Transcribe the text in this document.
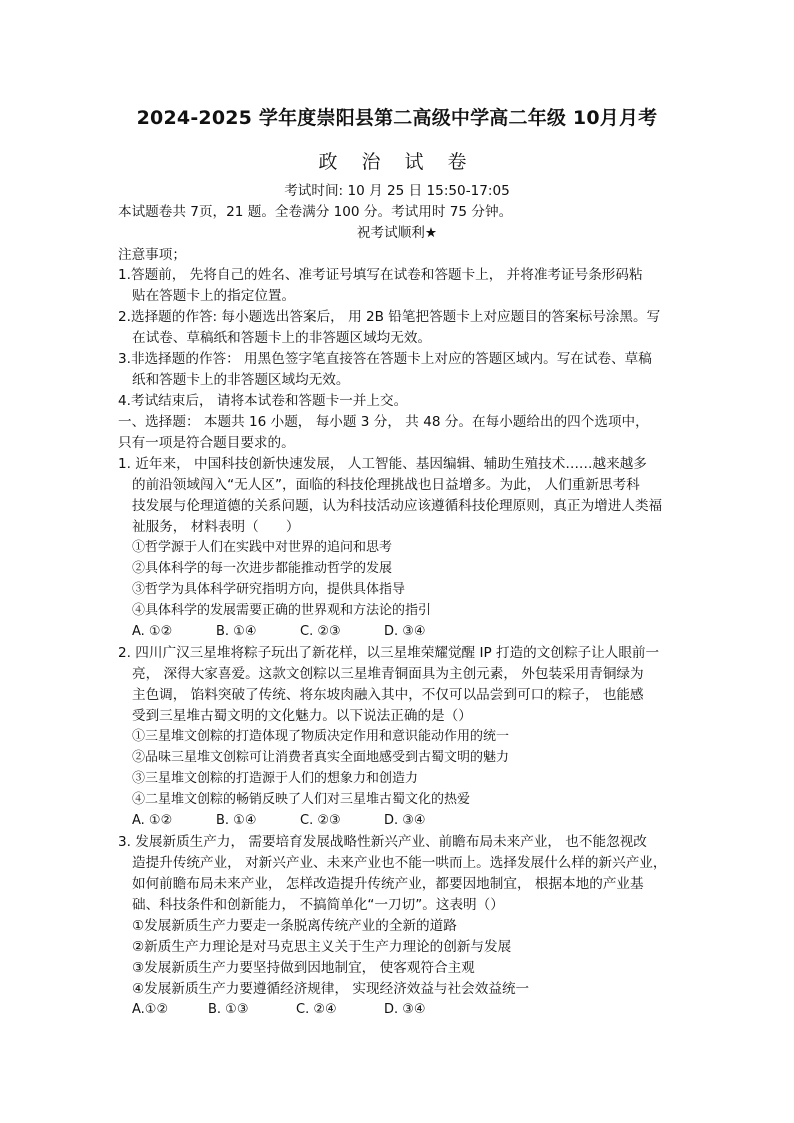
2024-2025 学年度崇阳县第二高级中学高二年级 10月月考
政 治 试 卷
考试时间: 10 月 25 日 15:50-17:05
本试题卷共 7页，21 题。全卷满分 100 分。考试用时 75 分钟。
祝考试顺利★
注意事项；
1.答题前， 先将自己的姓名、准考证号填写在试卷和答题卡上， 并将准考证号条形码粘
贴在答题卡上的指定位置。
2.选择题的作答: 每小题选出答案后， 用 2B 铅笔把答题卡上对应题目的答案标号涂黑。写
在试卷、草稿纸和答题卡上的非答题区域均无效。
3.非选择题的作答： 用黑色签字笔直接答在答题卡上对应的答题区域内。写在试卷、草稿
纸和答题卡上的非答题区域均无效。
4.考试结束后， 请将本试卷和答题卡一并上交。
一、选择题： 本题共 16 小题， 每小题 3 分， 共 48 分。在每小题给出的四个选项中，
只有一项是符合题目要求的。
1. 近年来， 中国科技创新快速发展， 人工智能、基因编辑、辅助生殖技术……越来越多
的前沿领域闯入“无人区”，面临的科技伦理挑战也日益增多。为此， 人们重新思考科
技发展与伦理道德的关系问题，认为科技活动应该遵循科技伦理原则，真正为增进人类福
祉服务， 材料表明（　　）
①哲学源于人们在实践中对世界的追问和思考
②具体科学的每一次进步都能推动哲学的发展
③哲学为具体科学研究指明方向，提供具体指导
④具体科学的发展需要正确的世界观和方法论的指引
A. ①②	B. ①④	C. ②③	D. ③④
2. 四川广汉三星堆将粽子玩出了新花样，以三星堆荣耀觉醒 IP 打造的文创粽子让人眼前一
亮， 深得大家喜爱。这款文创粽以三星堆青铜面具为主创元素， 外包装采用青铜绿为
主色调， 馅料突破了传统、将东坡肉融入其中，不仅可以品尝到可口的粽子， 也能感
受到三星堆古蜀文明的文化魅力。以下说法正确的是（）
①三星堆文创粽的打造体现了物质决定作用和意识能动作用的统一
②品味三星堆文创粽可让消费者真实全面地感受到古蜀文明的魅力
③三星堆文创粽的打造源于人们的想象力和创造力
④二星堆文创粽的畅销反映了人们对三星堆古蜀文化的热爱
A. ①②	B. ①④	C. ②③	D. ③④
3. 发展新质生产力， 需要培育发展战略性新兴产业、前瞻布局未来产业， 也不能忽视改
造提升传统产业， 对新兴产业、未来产业也不能一哄而上。选择发展什么样的新兴产业，
如何前瞻布局未来产业， 怎样改造提升传统产业，都要因地制宜， 根据本地的产业基
础、科技条件和创新能力， 不搞简单化“一刀切”。这表明（）
①发展新质生产力要走一条脱离传统产业的全新的道路
②新质生产力理论是对马克思主义关于生产力理论的创新与发展
③发展新质生产力要坚持做到因地制宜， 使客观符合主观
④发展新质生产力要遵循经济规律， 实现经济效益与社会效益统一
A.①②	B. ①③	C. ②④	D. ③④
